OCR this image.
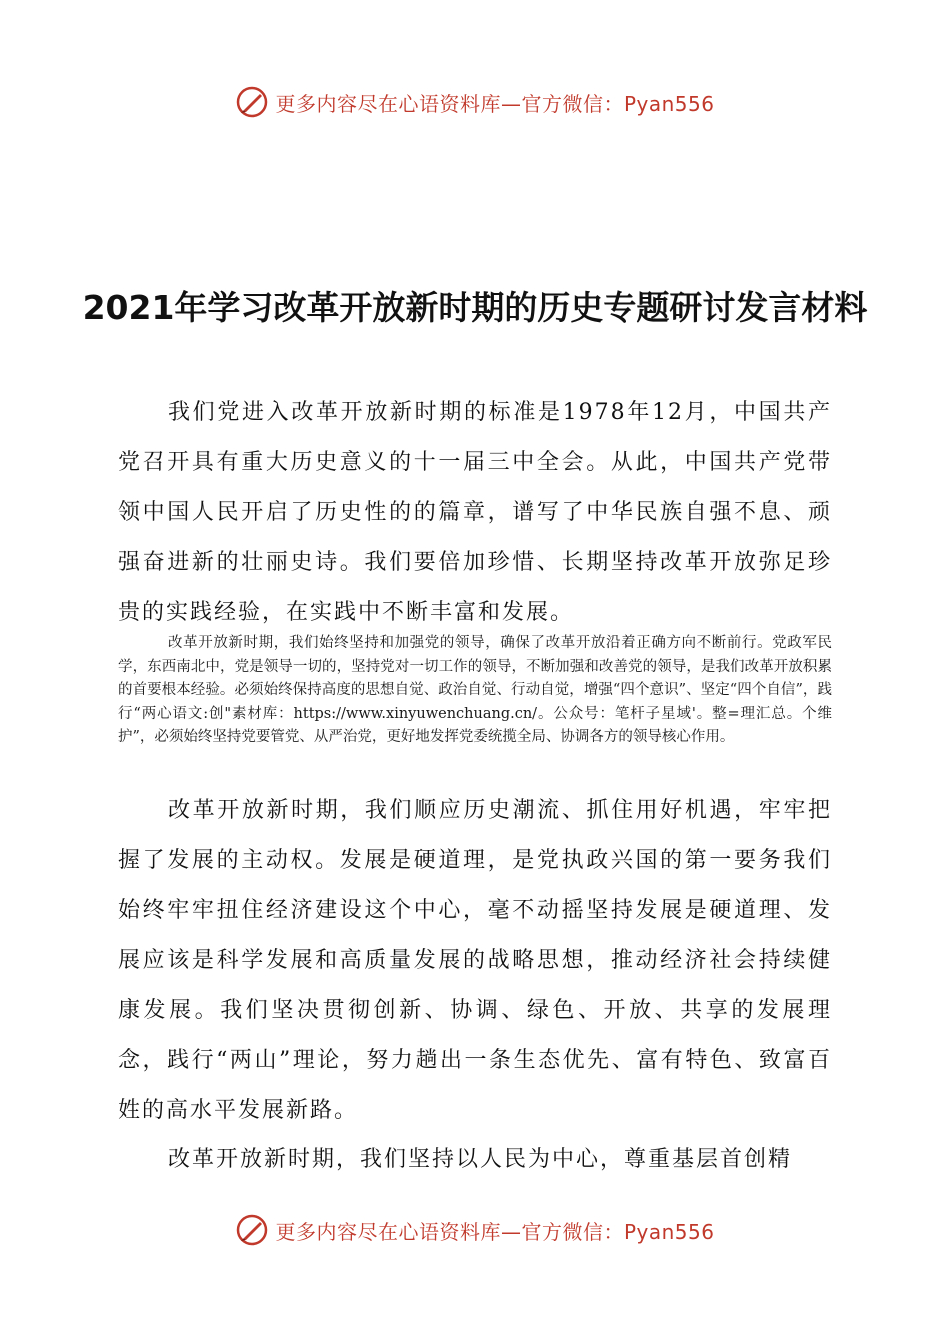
更多内容尽在心语资料库—官方微信：Pyan556
2021年学习改革开放新时期的历史专题研讨发言材料

我们党进入改革开放新时期的标准是1978年12月，中国共产党召开具有重大历史意义的十一届三中全会。从此，中国共产党带领中国人民开启了历史性的的篇章，谱写了中华民族自强不息、顽强奋进新的壮丽史诗。我们要倍加珍惜、长期坚持改革开放弥足珍贵的实践经验，在实践中不断丰富和发展。

改革开放新时期，我们始终坚持和加强党的领导，确保了改革开放沿着正确方向不断前行。党政军民学，东西南北中，党是领导一切的，坚持党对一切工作的领导，不断加强和改善党的领导，是我们改革开放积累的首要根本经验。必须始终保持高度的思想自觉、政治自觉、行动自觉，增强“四个意识”、坚定“四个自信”，践行“两心语文:创"素材库：https://www.xinyuwenchuang.cn/。公众号：笔杆子星域'。整=理汇总。个维护”，必须始终坚持党要管党、从严治党，更好地发挥党委统揽全局、协调各方的领导核心作用。

改革开放新时期，我们顺应历史潮流、抓住用好机遇，牢牢把握了发展的主动权。发展是硬道理，是党执政兴国的第一要务我们始终牢牢扭住经济建设这个中心，毫不动摇坚持发展是硬道理、发展应该是科学发展和高质量发展的战略思想，推动经济社会持续健康发展。我们坚决贯彻创新、协调、绿色、开放、共享的发展理念，践行“两山”理论，努力趟出一条生态优先、富有特色、致富百姓的高水平发展新路。

改革开放新时期，我们坚持以人民为中心，尊重基层首创精

更多内容尽在心语资料库—官方微信：Pyan556
